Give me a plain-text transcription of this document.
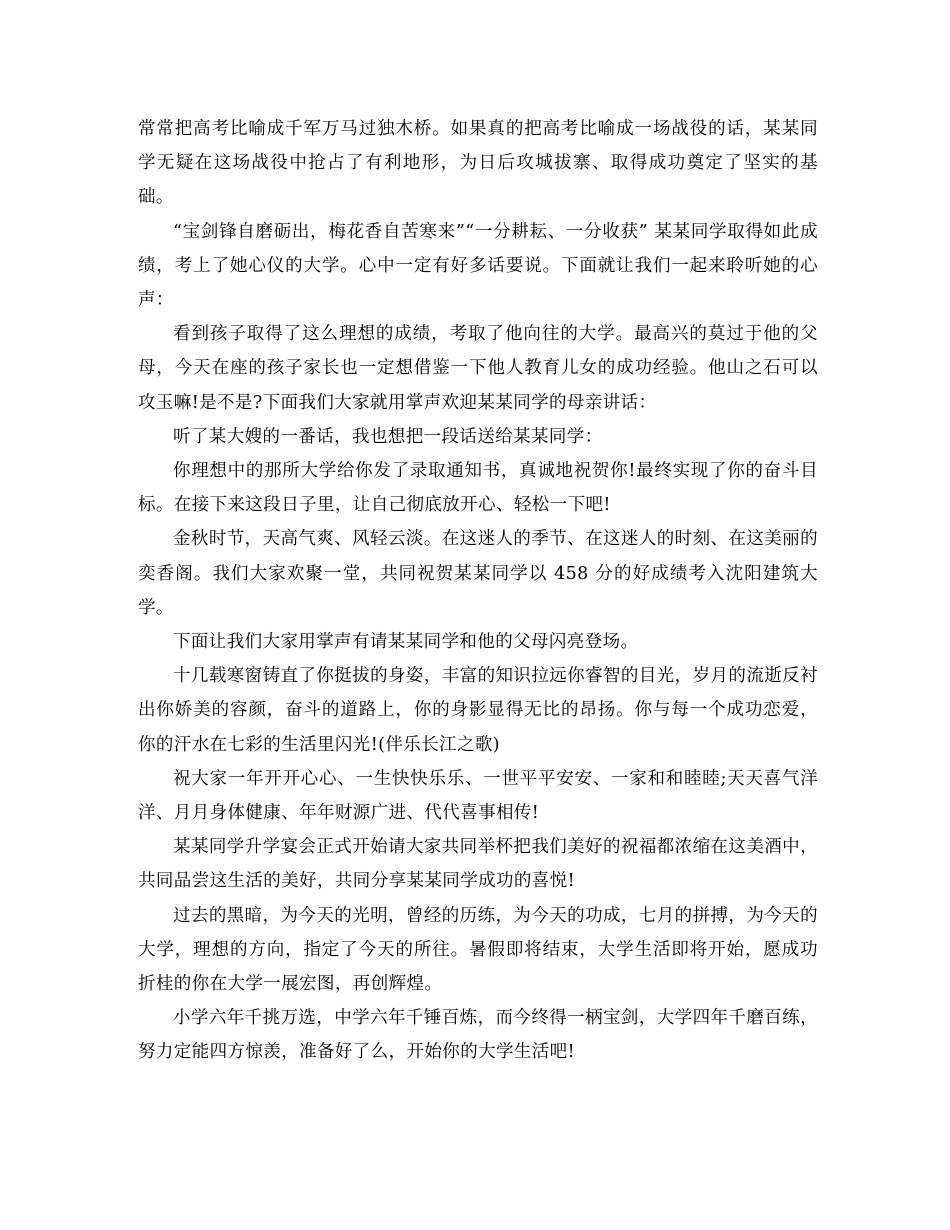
常常把高考比喻成千军万马过独木桥。如果真的把高考比喻成一场战役的话，某某同学无疑在这场战役中抢占了有利地形，为日后攻城拔寨、取得成功奠定了坚实的基础。

“宝剑锋自磨砺出，梅花香自苦寒来”“一分耕耘、一分收获” 某某同学取得如此成绩，考上了她心仪的大学。心中一定有好多话要说。下面就让我们一起来聆听她的心声：

看到孩子取得了这么理想的成绩，考取了他向往的大学。最高兴的莫过于他的父母，今天在座的孩子家长也一定想借鉴一下他人教育儿女的成功经验。他山之石可以攻玉嘛!是不是?下面我们大家就用掌声欢迎某某同学的母亲讲话：

听了某大嫂的一番话，我也想把一段话送给某某同学：

你理想中的那所大学给你发了录取通知书，真诚地祝贺你!最终实现了你的奋斗目标。在接下来这段日子里，让自己彻底放开心、轻松一下吧!

金秋时节，天高气爽、风轻云淡。在这迷人的季节、在这迷人的时刻、在这美丽的奕香阁。我们大家欢聚一堂，共同祝贺某某同学以 458 分的好成绩考入沈阳建筑大学。

下面让我们大家用掌声有请某某同学和他的父母闪亮登场。

十几载寒窗铸直了你挺拔的身姿，丰富的知识拉远你睿智的目光，岁月的流逝反衬出你娇美的容颜，奋斗的道路上，你的身影显得无比的昂扬。你与每一个成功恋爱，你的汗水在七彩的生活里闪光!(伴乐长江之歌)

祝大家一年开开心心、一生快快乐乐、一世平平安安、一家和和睦睦;天天喜气洋洋、月月身体健康、年年财源广进、代代喜事相传!

某某同学升学宴会正式开始请大家共同举杯把我们美好的祝福都浓缩在这美酒中，共同品尝这生活的美好，共同分享某某同学成功的喜悦!

过去的黑暗，为今天的光明，曾经的历练，为今天的功成，七月的拼搏，为今天的大学，理想的方向，指定了今天的所往。暑假即将结束，大学生活即将开始，愿成功折桂的你在大学一展宏图，再创辉煌。

小学六年千挑万选，中学六年千锤百炼，而今终得一柄宝剑，大学四年千磨百练，努力定能四方惊羡，准备好了么，开始你的大学生活吧!
